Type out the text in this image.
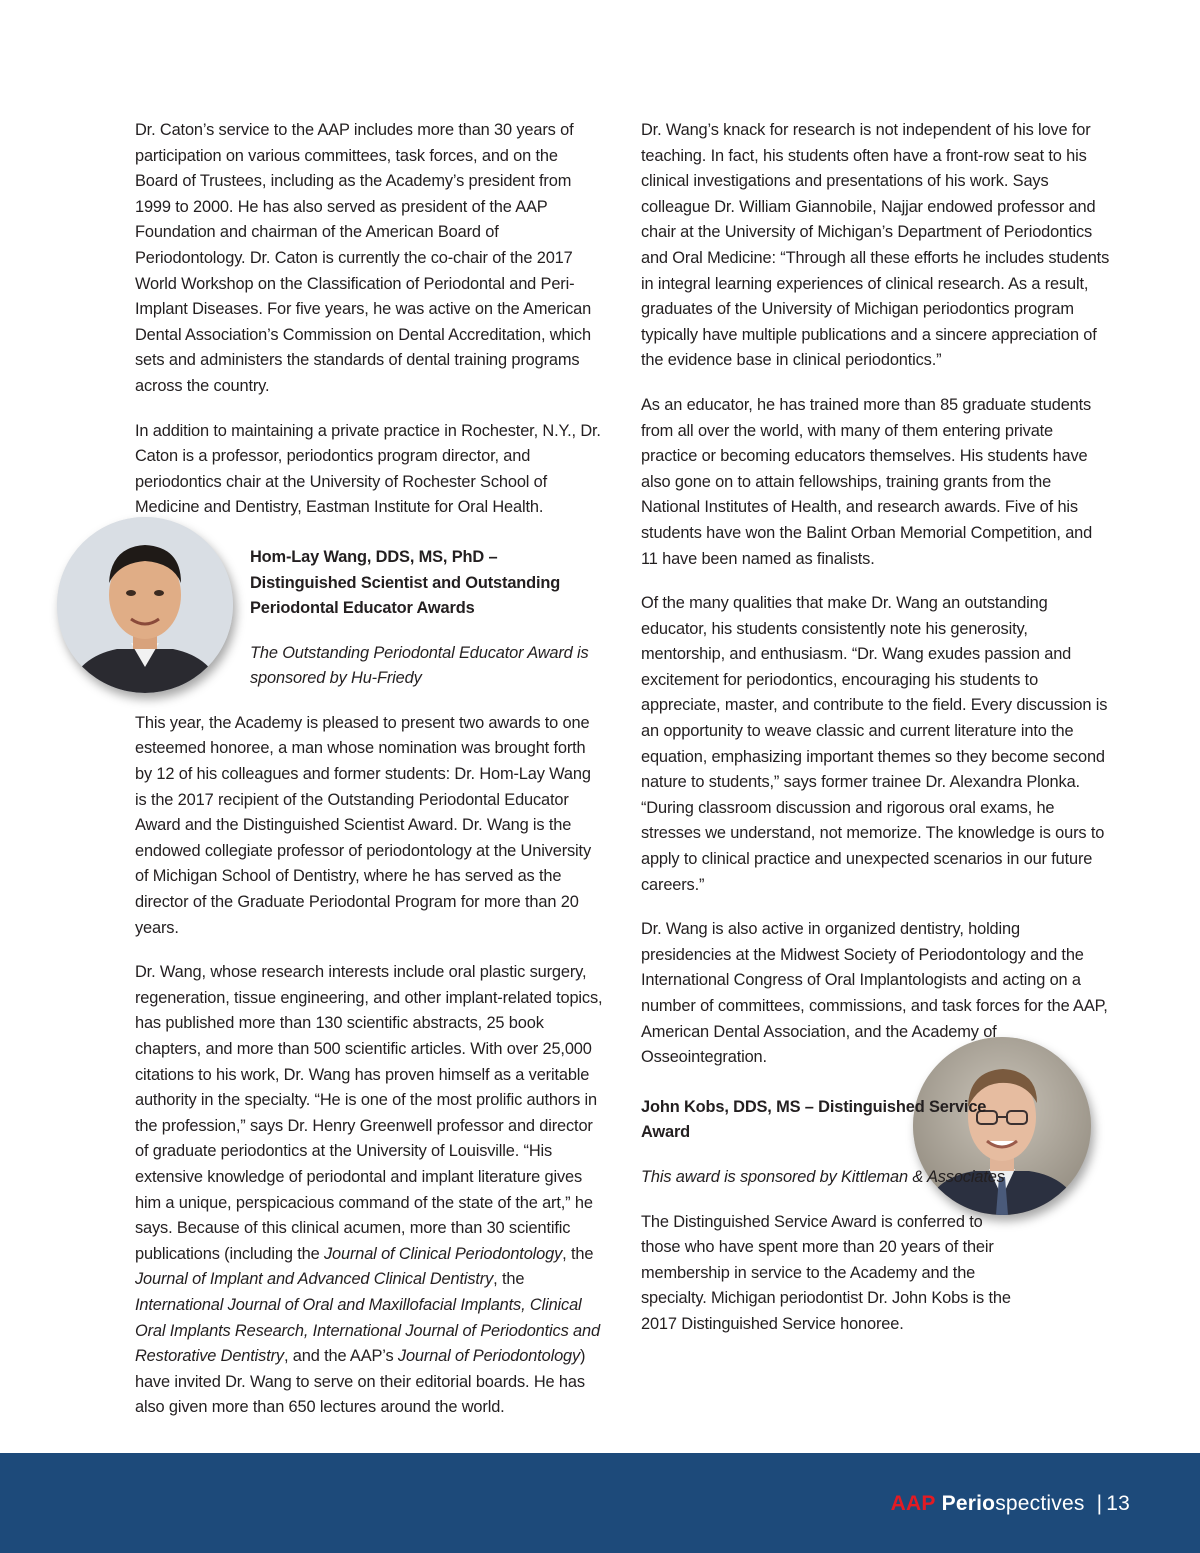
Dr. Caton’s service to the AAP includes more than 30 years of participation on various committees, task forces, and on the Board of Trustees, including as the Academy’s president from 1999 to 2000. He has also served as president of the AAP Foundation and chairman of the American Board of Periodontology. Dr. Caton is currently the co-chair of the 2017 World Workshop on the Classification of Periodontal and Peri-Implant Diseases. For five years, he was active on the American Dental Association’s Commission on Dental Accreditation, which sets and administers the standards of dental training programs across the country.

In addition to maintaining a private practice in Rochester, N.Y., Dr. Caton is a professor, periodontics program director, and periodontics chair at the University of Rochester School of Medicine and Dentistry, Eastman Institute for Oral Health.

Hom-Lay Wang, DDS, MS, PhD – Distinguished Scientist and Outstanding Periodontal Educator Awards

The Outstanding Periodontal Educator Award is sponsored by Hu-Friedy

This year, the Academy is pleased to present two awards to one esteemed honoree, a man whose nomination was brought forth by 12 of his colleagues and former students: Dr. Hom-Lay Wang is the 2017 recipient of the Outstanding Periodontal Educator Award and the Distinguished Scientist Award. Dr. Wang is the endowed collegiate professor of periodontology at the University of Michigan School of Dentistry, where he has served as the director of the Graduate Periodontal Program for more than 20 years.

Dr. Wang, whose research interests include oral plastic surgery, regeneration, tissue engineering, and other implant-related topics, has published more than 130 scientific abstracts, 25 book chapters, and more than 500 scientific articles. With over 25,000 citations to his work, Dr. Wang has proven himself as a veritable authority in the specialty. “He is one of the most prolific authors in the profession,” says Dr. Henry Greenwell professor and director of graduate periodontics at the University of Louisville. “His extensive knowledge of periodontal and implant literature gives him a unique, perspicacious command of the state of the art,” he says. Because of this clinical acumen, more than 30 scientific publications (including the Journal of Clinical Periodontology, the Journal of Implant and Advanced Clinical Dentistry, the International Journal of Oral and Maxillofacial Implants, Clinical Oral Implants Research, International Journal of Periodontics and Restorative Dentistry, and the AAP’s Journal of Periodontology) have invited Dr. Wang to serve on their editorial boards. He has also given more than 650 lectures around the world.

Dr. Wang’s knack for research is not independent of his love for teaching. In fact, his students often have a front-row seat to his clinical investigations and presentations of his work. Says colleague Dr. William Giannobile, Najjar endowed professor and chair at the University of Michigan’s Department of Periodontics and Oral Medicine: “Through all these efforts he includes students in integral learning experiences of clinical research. As a result, graduates of the University of Michigan periodontics program typically have multiple publications and a sincere appreciation of the evidence base in clinical periodontics.”

As an educator, he has trained more than 85 graduate students from all over the world, with many of them entering private practice or becoming educators themselves. His students have also gone on to attain fellowships, training grants from the National Institutes of Health, and research awards. Five of his students have won the Balint Orban Memorial Competition, and 11 have been named as finalists.

Of the many qualities that make Dr. Wang an outstanding educator, his students consistently note his generosity, mentorship, and enthusiasm. “Dr. Wang exudes passion and excitement for periodontics, encouraging his students to appreciate, master, and contribute to the field. Every discussion is an opportunity to weave classic and current literature into the equation, emphasizing important themes so they become second nature to students,” says former trainee Dr. Alexandra Plonka. “During classroom discussion and rigorous oral exams, he stresses we understand, not memorize. The knowledge is ours to apply to clinical practice and unexpected scenarios in our future careers.”

Dr. Wang is also active in organized dentistry, holding presidencies at the Midwest Society of Periodontology and the International Congress of Oral Implantologists and acting on a number of committees, commissions, and task forces for the AAP, American Dental Association, and the Academy of Osseointegration.

John Kobs, DDS, MS – Distinguished Service Award

This award is sponsored by Kittleman & Associates

The Distinguished Service Award is conferred to those who have spent more than 20 years of their membership in service to the Academy and the specialty. Michigan periodontist Dr. John Kobs is the 2017 Distinguished Service honoree.

AAP Periospectives | 13
